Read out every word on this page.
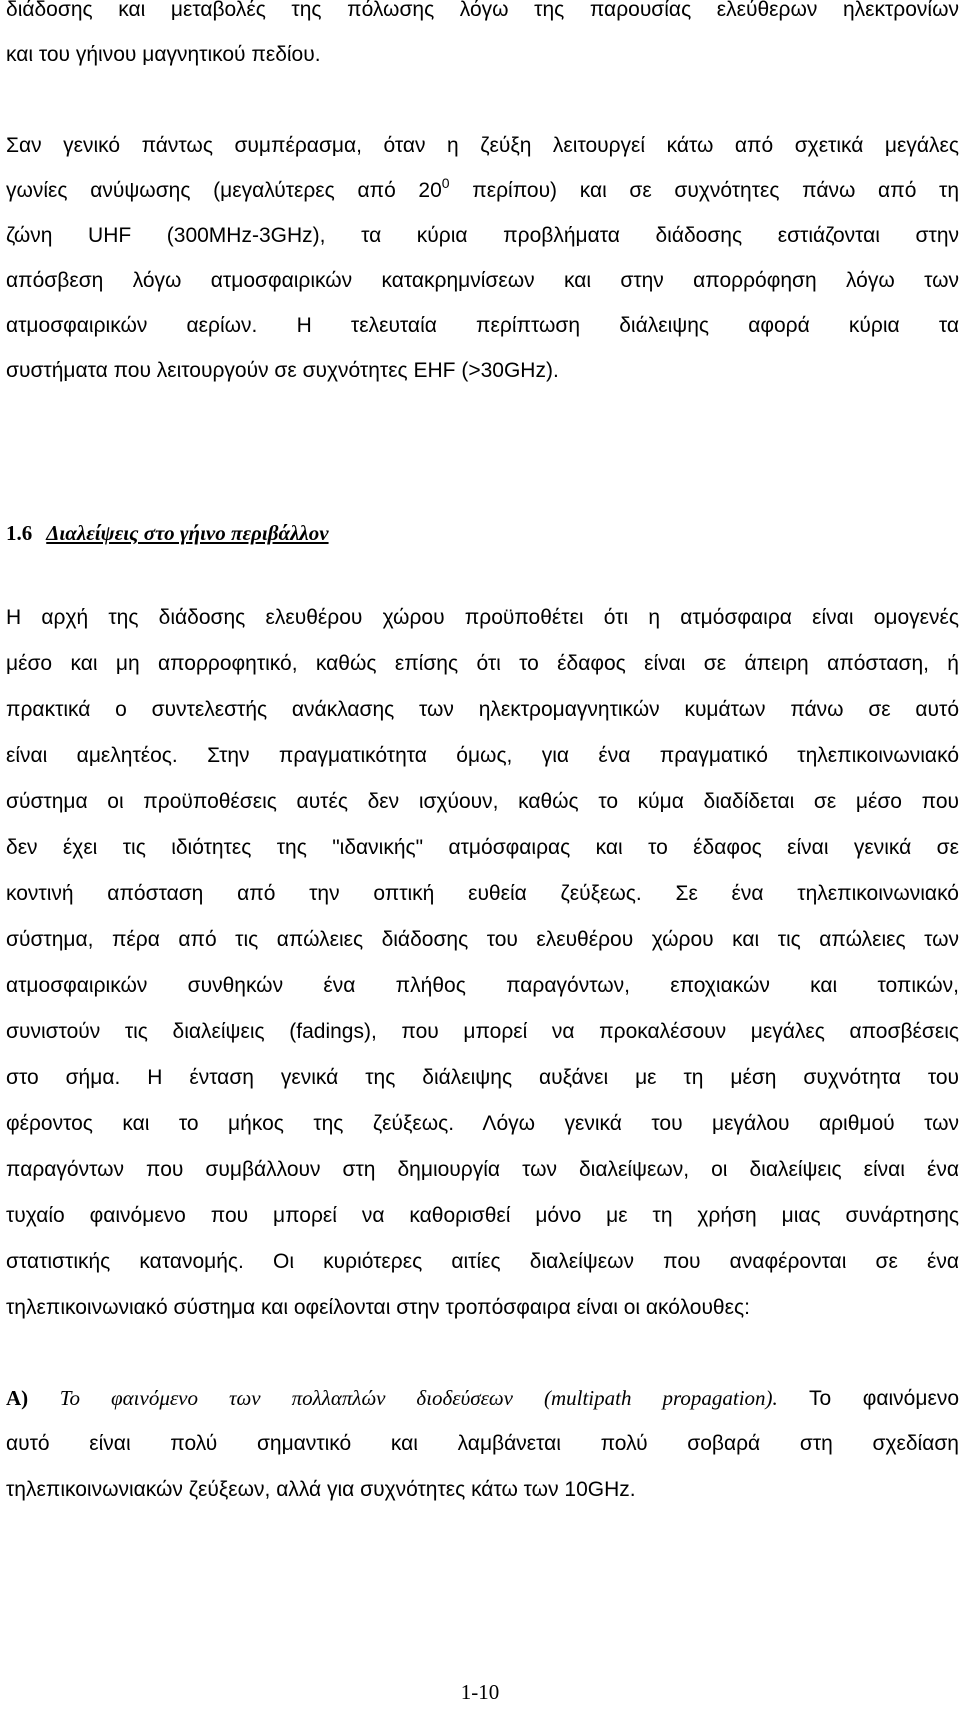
διάδοσης και μεταβολές της πόλωσης λόγω της παρουσίας ελεύθερων ηλεκτρονίων
και του γήινου μαγνητικού πεδίου.
Σαν γενικό πάντως συμπέρασμα, όταν η ζεύξη λειτουργεί κάτω από σχετικά μεγάλες
γωνίες ανύψωσης (μεγαλύτερες από $20^0$ περίπου) και σε συχνότητες πάνω από τη
ζώνη UHF (300MHz-3GHz), τα κύρια προβλήματα διάδοσης εστιάζονται στην
απόσβεση λόγω ατμοσφαιρικών κατακρημνίσεων και στην απορρόφηση λόγω των
ατμοσφαιρικών αερίων. Η τελευταία περίπτωση διάλειψης αφορά κύρια τα
συστήματα που λειτουργούν σε συχνότητες EHF (>30GHz).
1.6 Διαλείψεις στο γήινο περιβάλλον
Η αρχή της διάδοσης ελευθέρου χώρου προϋποθέτει ότι η ατμόσφαιρα είναι ομογενές
μέσο και μη απορροφητικό, καθώς επίσης ότι το έδαφος είναι σε άπειρη απόσταση, ή
πρακτικά ο συντελεστής ανάκλασης των ηλεκτρομαγνητικών κυμάτων πάνω σε αυτό
είναι αμελητέος. Στην πραγματικότητα όμως, για ένα πραγματικό τηλεπικοινωνιακό
σύστημα οι προϋποθέσεις αυτές δεν ισχύουν, καθώς το κύμα διαδίδεται σε μέσο που
δεν έχει τις ιδιότητες της "ιδανικής" ατμόσφαιρας και το έδαφος είναι γενικά σε
κοντινή απόσταση από την οπτική ευθεία ζεύξεως. Σε ένα τηλεπικοινωνιακό
σύστημα, πέρα από τις απώλειες διάδοσης του ελευθέρου χώρου και τις απώλειες των
ατμοσφαιρικών συνθηκών ένα πλήθος παραγόντων, εποχιακών και τοπικών,
συνιστούν τις διαλείψεις (fadings), που μπορεί να προκαλέσουν μεγάλες αποσβέσεις
στο σήμα. Η ένταση γενικά της διάλειψης αυξάνει με τη μέση συχνότητα του
φέροντος και το μήκος της ζεύξεως. Λόγω γενικά του μεγάλου αριθμού των
παραγόντων που συμβάλλουν στη δημιουργία των διαλείψεων, οι διαλείψεις είναι ένα
τυχαίο φαινόμενο που μπορεί να καθορισθεί μόνο με τη χρήση μιας συνάρτησης
στατιστικής κατανομής. Οι κυριότερες αιτίες διαλείψεων που αναφέρονται σε ένα
τηλεπικοινωνιακό σύστημα και οφείλονται στην τροπόσφαιρα είναι οι ακόλουθες:
A) Το φαινόμενο των πολλαπλών διοδεύσεων (multipath propagation). Το φαινόμενο
αυτό είναι πολύ σημαντικό και λαμβάνεται πολύ σοβαρά στη σχεδίαση
τηλεπικοινωνιακών ζεύξεων, αλλά για συχνότητες κάτω των 10GHz.
1-10
